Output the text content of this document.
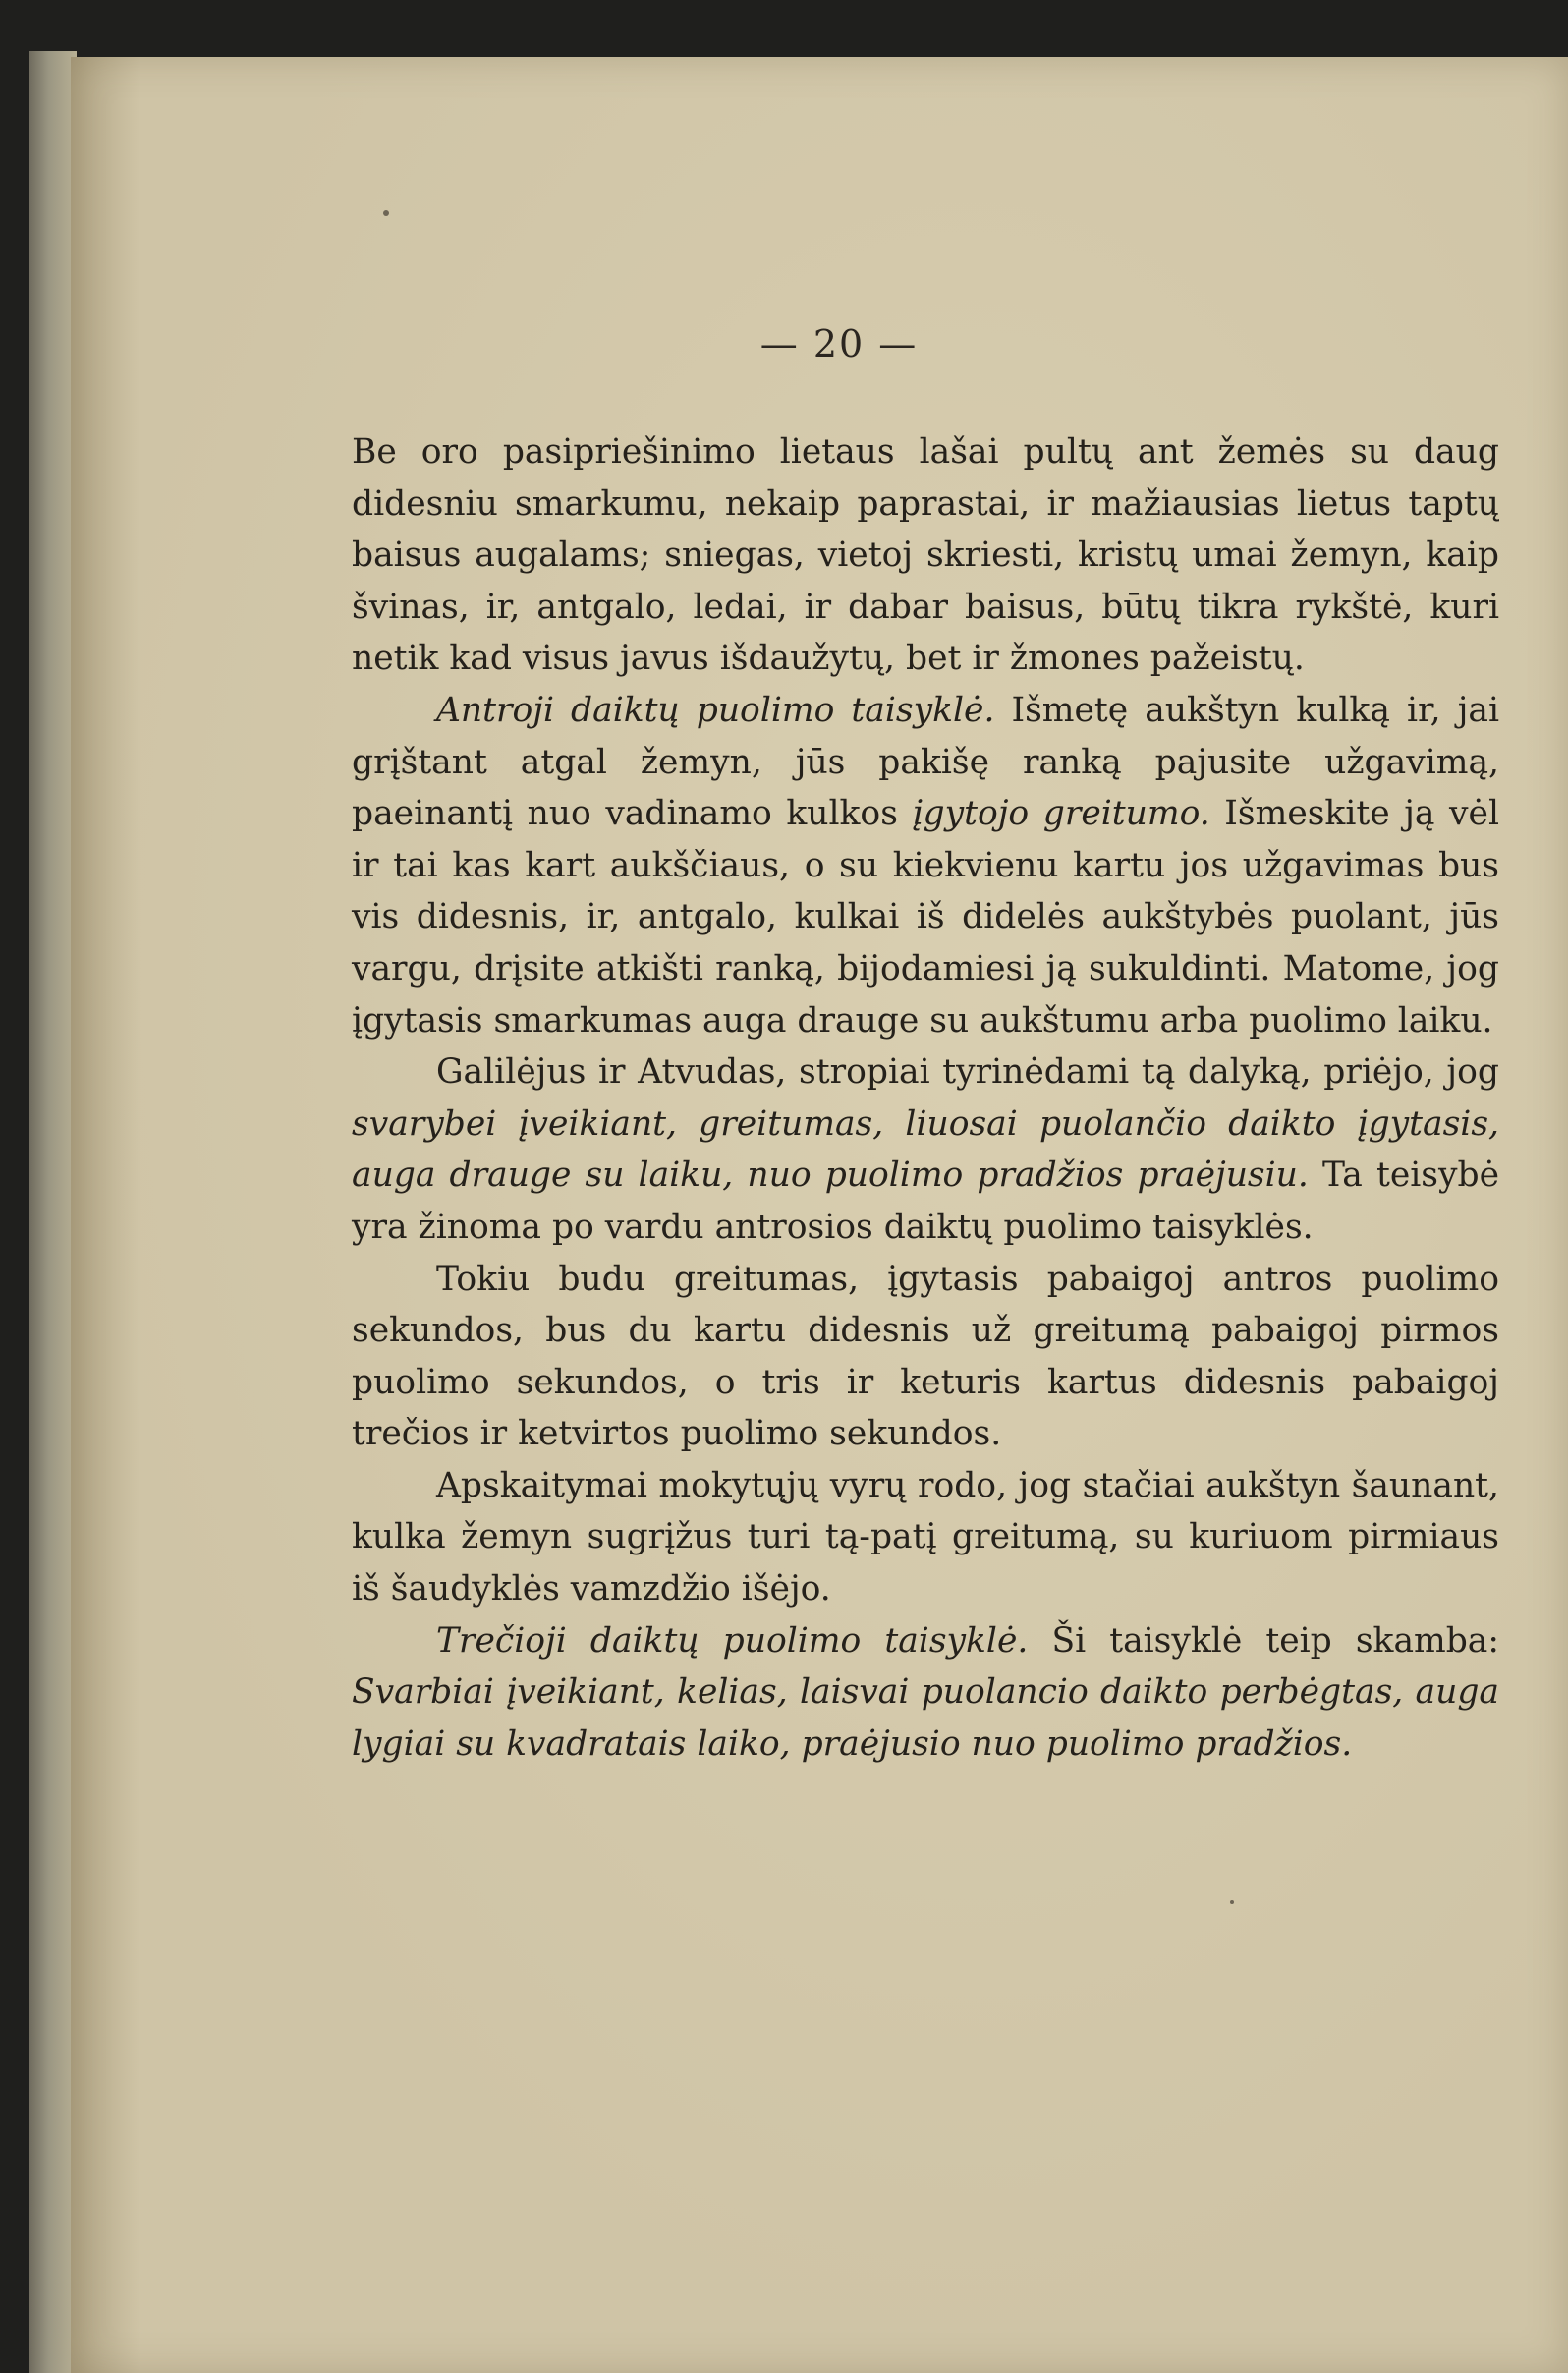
— 20 —

Be oro pasipriešinimo lietaus lašai pultų ant žemės su daug didesniu smarkumu, nekaip paprastai, ir mažiausias lietus taptų baisus augalams; sniegas, vietoj skriesti, kristų umai žemyn, kaip švinas, ir, antgalo, ledai, ir dabar baisus, būtų tikra rykštė, kuri netik kad visus javus išdaužytų, bet ir žmones pažeistų.

Antroji daiktų puolimo taisyklė. Išmetę aukštyn kulką ir, jai grįštant atgal žemyn, jūs pakišę ranką pajusite užgavimą, paeinantį nuo vadinamo kulkos įgytojo greitumo. Išmeskite ją vėl ir tai kas kart aukščiaus, o su kiekvienu kartu jos užgavimas bus vis didesnis, ir, antgalo, kulkai iš didelės aukštybės puolant, jūs vargu, drįsite atkišti ranką, bijodamiesi ją sukuldinti. Matome, jog įgytasis smarkumas auga drauge su aukštumu arba puolimo laiku.

Galilėjus ir Atvudas, stropiai tyrinėdami tą dalyką, priėjo, jog svarybei įveikiant, greitumas, liuosai puolančio daikto įgytasis, auga drauge su laiku, nuo puolimo pradžios praėjusiu. Ta teisybė yra žinoma po vardu antrosios daiktų puolimo taisyklės.

Tokiu budu greitumas, įgytasis pabaigoj antros puolimo sekundos, bus du kartu didesnis už greitumą pabaigoj pirmos puolimo sekundos, o tris ir keturis kartus didesnis pabaigoj trečios ir ketvirtos puolimo sekundos.

Apskaitymai mokytųjų vyrų rodo, jog stačiai aukštyn šaunant, kulka žemyn sugrįžus turi tą-patį greitumą, su kuriuom pirmiaus iš šaudyklės vamzdžio išėjo.

Trečioji daiktų puolimo taisyklė. Ši taisyklė teip skamba: Svarbiai įveikiant, kelias, laisvai puolancio daikto perbėgtas, auga lygiai su kvadratais laiko, praėjusio nuo puolimo pradžios.
